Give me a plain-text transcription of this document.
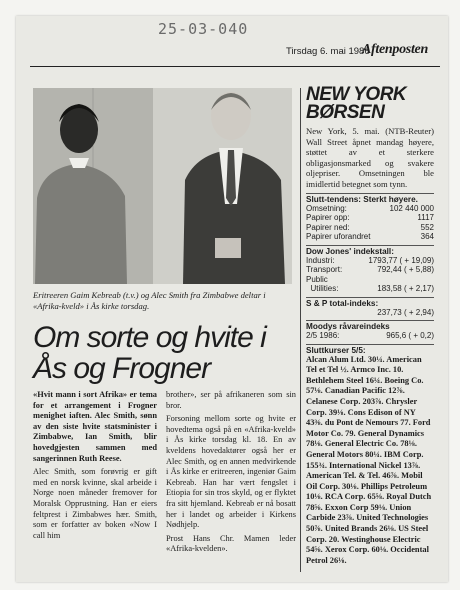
25-03-040
Tirsdag 6. mai 1986
Aftenposten
Eritreeren Gaim Kebreab (t.v.) og Alec Smith fra Zimbabwe deltar i «Afrika-kveld» i Ås kirke torsdag.
Om sorte og hvite i Ås og Frogner

«Hvit mann i sort Afrika» er tema for et arrangement i Frogner menighet iaften. Alec Smith, sønn av den siste hvite statsminister i Zimbabwe, Ian Smith, blir hovedgjesten sammen med sangerinnen Ruth Reese.

Alec Smith, som forøvrig er gift med en norsk kvinne, skal arbeide i Norge noen måneder fremover for Moralsk Opprustning. Han er eiers feltprest i Zimbabwes hær. Smith, som er forfatter av boken «Now I call him

brother», ser på afrikaneren som sin bror.

Forsoning mellom sorte og hvite er hovedtema også på en «Afrika-kveld» i Ås kirke torsdag kl. 18. En av kveldens hovedaktører også her er Alec Smith, og en annen medvirkende i Ås kirke er eritreeren, ingeniør Gaim Kebreab. Han har vært fengslet i Etiopia for sin tros skyld, og er flyktet fra sitt hjemland. Kebreab er nå bosatt her i landet og arbeider i Kirkens Nødhjelp.

Prost Hans Chr. Mamen leder «Afrika-kvelden».

NEW YORK BØRSEN
New York, 5. mai. (NTB-Reuter) Wall Street åpnet mandag høyere, støttet av et sterkere obligasjonsmarked og svakere oljepriser. Omsetningen ble imidlertid betegnet som tynn.
Slutt-tendens: Sterkt høyere.
Omsetning:	102 440 000
Papirer opp:	1117
Papirer ned:	552
Papirer uforandret	364
Dow Jones' indekstall:
Industri:	1793,77 ( + 19,09)
Transport:	792,44 ( + 5,88)
Public
Utilities:	183,58 ( + 2,17)
S & P total-indeks:
237,73 ( + 2,94)
Moodys råvareindeks
2/5 1986:	965,6 ( + 0,2)
Sluttkurser 5/5:
Alcan Alum Ltd. 30¼. American Tel et Tel ½. Armco Inc. 10. Bethlehem Steel 16¼. Boeing Co. 57⅛. Canadian Pacific 12⅞. Celanese Corp. 203⅞. Chrysler Corp. 39⅛. Cons Edison of NY 43⅜. du Pont de Nemours 77. Ford Motor Co. 79. General Dynamics 78⅛. General Electric Co. 78⅛. General Motors 80¼. IBM Corp. 155¾. International Nickel 13⅞. American Tel. & Tel. 46⅞. Mobil Oil Corp. 30⅛. Phillips Petroleum 10⅛. RCA Corp. 65⅝. Royal Dutch 78⅝. Exxon Corp 59⅛. Union Carbide 23⅞. United Technologies 50⅞. United Brands 26⅛. US Steel Corp. 20. Westinghouse Electric 54⅝. Xerox Corp. 60⅛. Occidental Petrol 26⅛.
